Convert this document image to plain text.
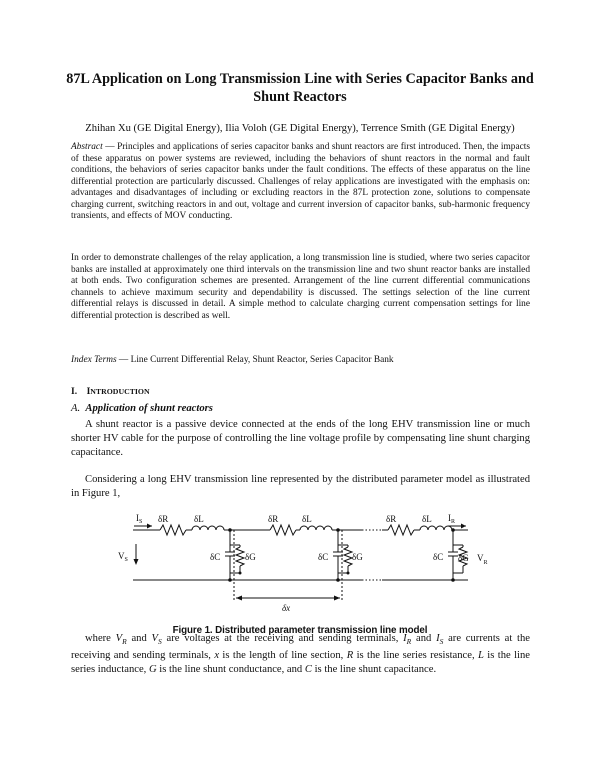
87L Application on Long Transmission Line with Series Capacitor Banks and
Shunt Reactors
Zhihan Xu (GE Digital Energy), Ilia Voloh (GE Digital Energy), Terrence Smith (GE Digital Energy)
Abstract — Principles and applications of series capacitor banks and shunt reactors are first introduced. Then, the impacts of these apparatus on power systems are reviewed, including the behaviors of shunt reactors in the normal and fault conditions, the behaviors of series capacitor banks under the fault conditions. The effects of these apparatus on the line differential protection are particularly discussed. Challenges of relay applications are investigated with the emphasis on: advantages and disadvantages of including or excluding reactors in the 87L protection zone, solutions to compensate charging current, switching reactors in and out, voltage and current inversion of capacitor banks, sub-harmonic frequency transients, and effects of MOV conducting.
In order to demonstrate challenges of the relay application, a long transmission line is studied, where two series capacitor banks are installed at approximately one third intervals on the transmission line and two shunt reactor banks are installed at both ends. Two configuration schemes are presented. Arrangement of the line current differential communications channels to achieve maximum security and dependability is discussed. The settings selection of the line current differential relays is discussed in detail. A simple method to calculate charging current compensation settings for line differential protection is described as well.
Index Terms — Line Current Differential Relay, Shunt Reactor, Series Capacitor Bank
I. INTRODUCTION
A. Application of shunt reactors
A shunt reactor is a passive device connected at the ends of the long EHV transmission line or much shorter HV cable for the purpose of controlling the line voltage profile by compensating line shunt charging capacitance.
Considering a long EHV transmission line represented by the distributed parameter model as illustrated in Figure 1,
$I_S$ δR	δL	δR	δL	δR	δL $I_R$
$V_S$	δC	δG	δC	δG	δC
δx
δG $V_R$
Figure 1. Distributed parameter transmission line model
where $V_R$ and $V_S$ are voltages at the receiving and sending terminals, $I_R$ and $I_S$ are currents at the receiving and sending terminals, x is the length of line section, R is the line series resistance, L is the line series inductance, G is the line shunt conductance, and C is the line shunt capacitance.
